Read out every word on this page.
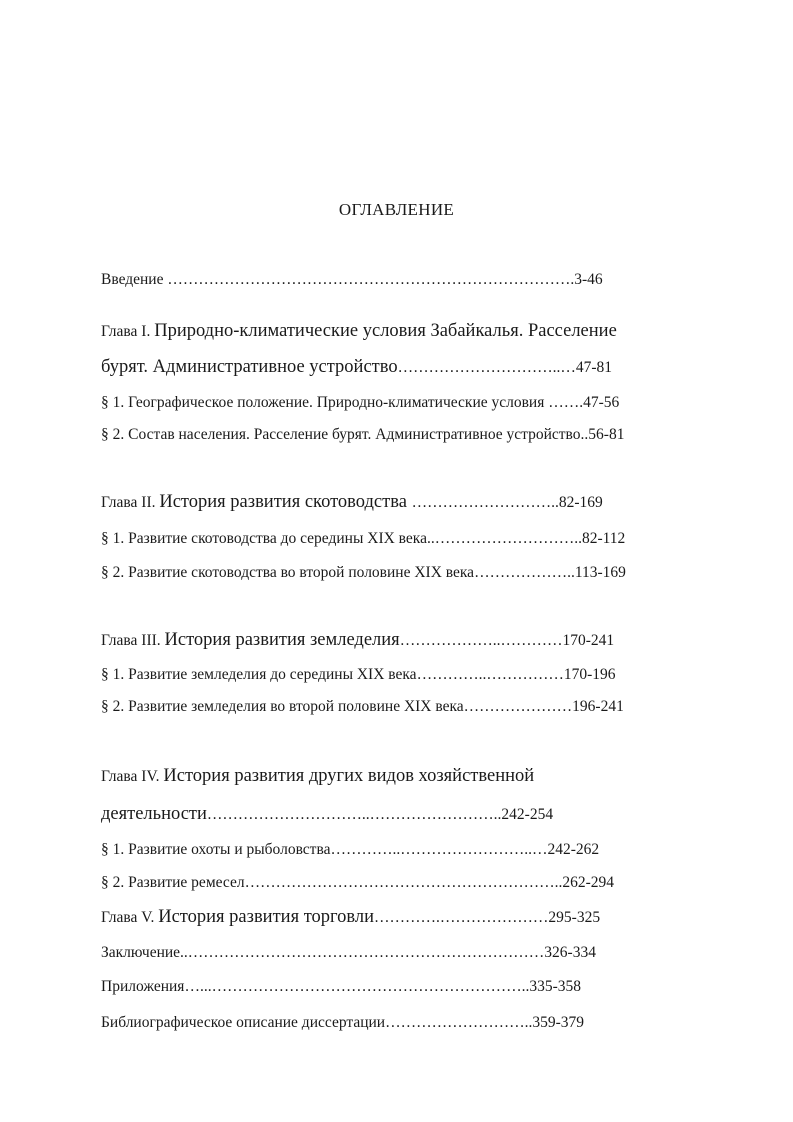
ОГЛАВЛЕНИЕ
Введение …………………………………………………………………….3-46
Глава I. Природно-климатические условия Забайкалья. Расселение
бурят. Административное устройство…………………………..…47-81
§ 1. Географическое положение. Природно-климатические условия …….47-56
§ 2. Состав населения. Расселение бурят. Административное устройство..56-81
Глава II. История развития скотоводства ………………………..82-169
§ 1. Развитие скотоводства до середины XIX века..………………………..82-112
§ 2. Развитие скотоводства во второй половине XIX века………………..113-169
Глава III. История развития земледелия………………..…………170-241
§ 1. Развитие земледелия до середины XIX века…………..……………170-196
§ 2. Развитие земледелия во второй половине XIX века…………………196-241
Глава IV. История развития других видов хозяйственной
деятельности…………………………..……………………..242-254
§ 1. Развитие охоты и рыболовства…………..……………………..…242-262
§ 2. Развитие ремесел……………………………………………………..262-294
Глава V. История развития торговли………….…………………295-325
Заключение..……………………………………………………………326-334
Приложения…...……………………………………………………..335-358
Библиографическое описание диссертации………………………..359-379
